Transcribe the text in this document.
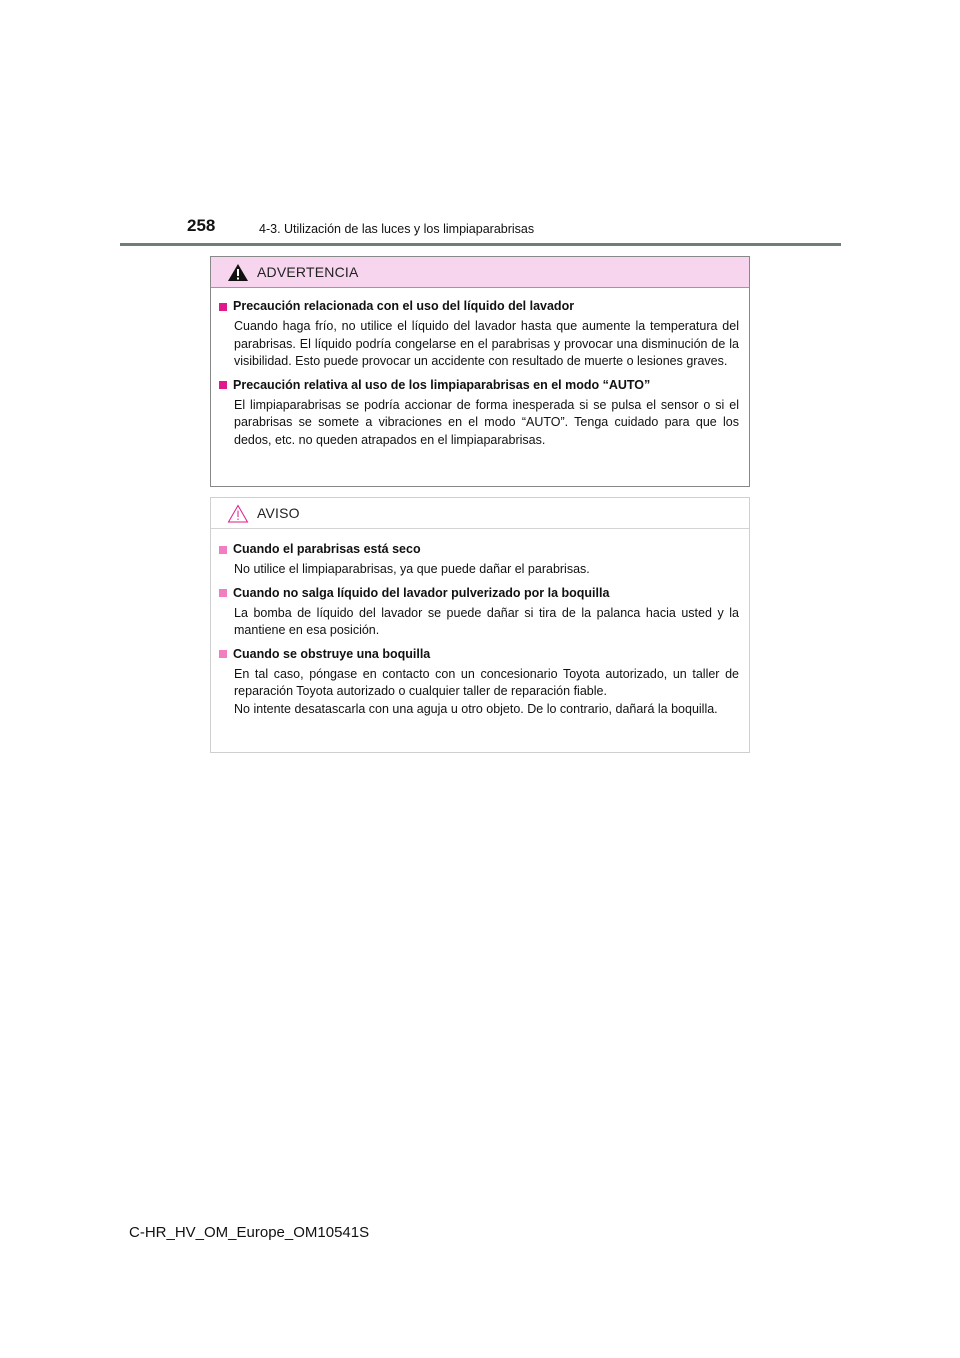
258	4-3. Utilización de las luces y los limpiaparabrisas
ADVERTENCIA
Precaución relacionada con el uso del líquido del lavador

Cuando haga frío, no utilice el líquido del lavador hasta que aumente la temperatura del parabrisas. El líquido podría congelarse en el parabrisas y provocar una disminución de la visibilidad. Esto puede provocar un accidente con resultado de muerte o lesiones graves.

Precaución relativa al uso de los limpiaparabrisas en el modo “AUTO”

El limpiaparabrisas se podría accionar de forma inesperada si se pulsa el sensor o si el parabrisas se somete a vibraciones en el modo “AUTO”. Tenga cuidado para que los dedos, etc. no queden atrapados en el limpiaparabrisas.

AVISO
Cuando el parabrisas está seco

No utilice el limpiaparabrisas, ya que puede dañar el parabrisas.

Cuando no salga líquido del lavador pulverizado por la boquilla

La bomba de líquido del lavador se puede dañar si tira de la palanca hacia usted y la mantiene en esa posición.

Cuando se obstruye una boquilla

En tal caso, póngase en contacto con un concesionario Toyota autorizado, un taller de reparación Toyota autorizado o cualquier taller de reparación fiable.

No intente desatascarla con una aguja u otro objeto. De lo contrario, dañará la boquilla.

C-HR_HV_OM_Europe_OM10541S
